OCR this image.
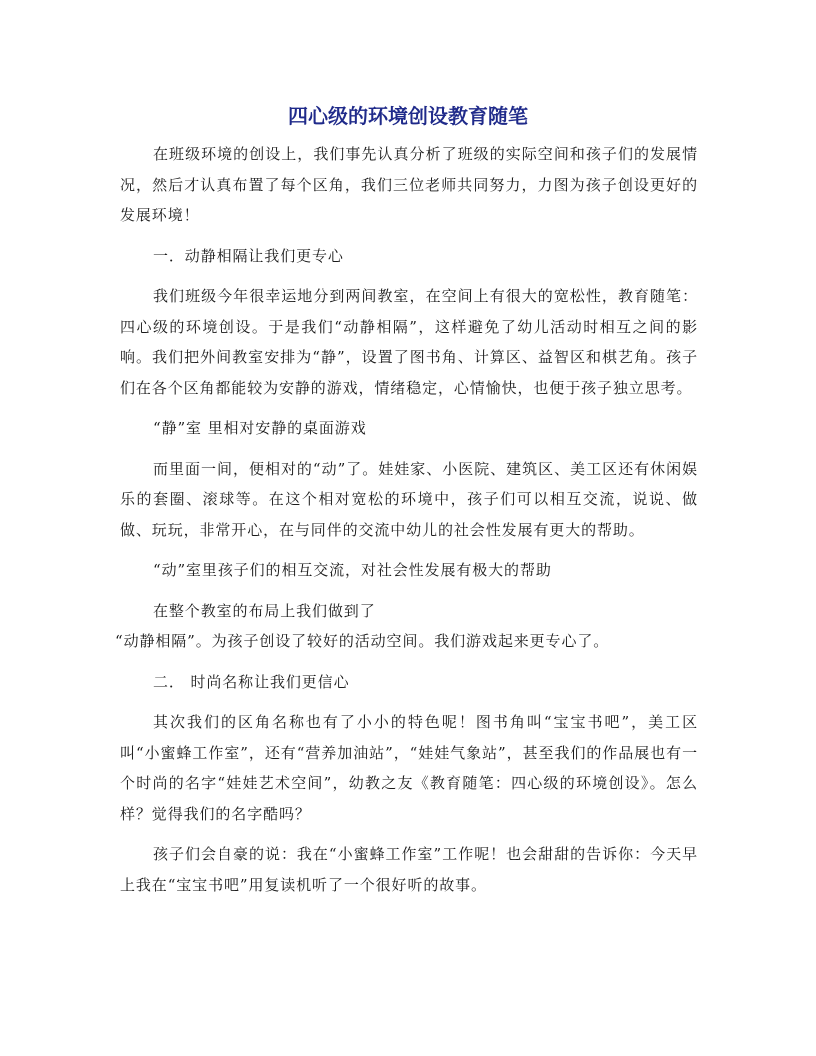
四心级的环境创设教育随笔

在班级环境的创设上，我们事先认真分析了班级的实际空间和孩子们的发展情况，然后才认真布置了每个区角，我们三位老师共同努力，力图为孩子创设更好的发展环境！

一．动静相隔让我们更专心

我们班级今年很幸运地分到两间教室，在空间上有很大的宽松性，教育随笔：四心级的环境创设。于是我们“动静相隔”，这样避免了幼儿活动时相互之间的影响。我们把外间教室安排为“静”，设置了图书角、计算区、益智区和棋艺角。孩子们在各个区角都能较为安静的游戏，情绪稳定，心情愉快，也便于孩子独立思考。

“静”室 里相对安静的桌面游戏

而里面一间，便相对的“动”了。娃娃家、小医院、建筑区、美工区还有休闲娱乐的套圈、滚球等。在这个相对宽松的环境中，孩子们可以相互交流，说说、做做、玩玩，非常开心，在与同伴的交流中幼儿的社会性发展有更大的帮助。

“动”室里孩子们的相互交流，对社会性发展有极大的帮助

在整个教室的布局上我们做到了

“动静相隔”。为孩子创设了较好的活动空间。我们游戏起来更专心了。

二． 时尚名称让我们更信心

其次我们的区角名称也有了小小的特色呢！图书角叫“宝宝书吧”，美工区叫“小蜜蜂工作室”，还有“营养加油站”，“娃娃气象站”，甚至我们的作品展也有一个时尚的名字“娃娃艺术空间”，幼教之友《教育随笔：四心级的环境创设》。怎么样？觉得我们的名字酷吗？

孩子们会自豪的说：我在“小蜜蜂工作室”工作呢！也会甜甜的告诉你：今天早上我在“宝宝书吧”用复读机听了一个很好听的故事。
